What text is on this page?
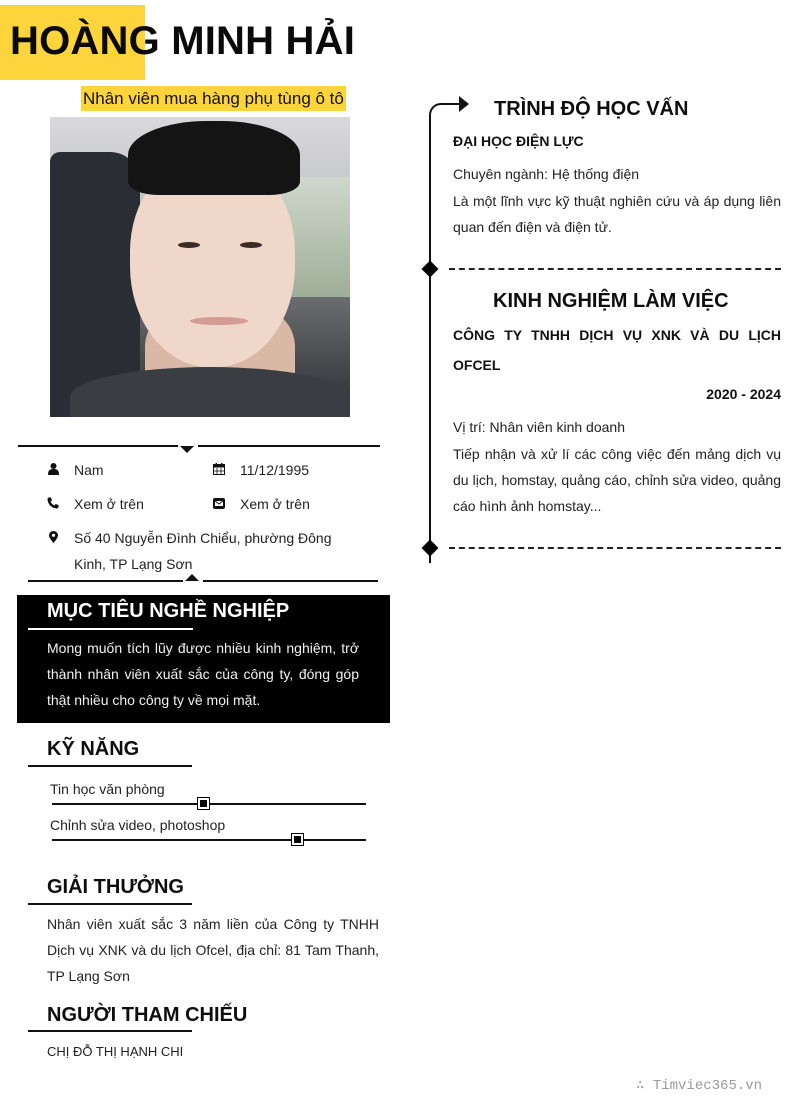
HOÀNG MINH HẢI
Nhân viên mua hàng phụ tùng ô tô
Nam	11/12/1995
Xem ở trên	Xem ở trên
Số 40 Nguyễn Đình Chiểu, phường Đông
Kinh, TP Lạng Sơn
MỤC TIÊU NGHỀ NGHIỆP

Mong muốn tích lũy được nhiều kinh nghiệm, trở thành nhân viên xuất sắc của công ty, đóng góp thật nhiều cho công ty về mọi mặt.

KỸ NĂNG
Tin học văn phòng
Chỉnh sửa video, photoshop
GIẢI THƯỞNG
Nhân viên xuất sắc 3 năm liền của Công ty TNHH Dịch vụ XNK và du lịch Ofcel, địa chỉ: 81 Tam Thanh, TP Lạng Sơn
NGƯỜI THAM CHIẾU
CHỊ ĐỖ THỊ HẠNH CHI
TRÌNH ĐỘ HỌC VẤN
ĐẠI HỌC ĐIỆN LỰC
Chuyên ngành: Hệ thống điện
Là một lĩnh vực kỹ thuật nghiên cứu và áp dụng liên quan đến điện và điện tử.
KINH NGHIỆM LÀM VIỆC
CÔNG TY TNHH DỊCH VỤ XNK VÀ DU LỊCH OFCEL
2020 - 2024
Vị trí: Nhân viên kinh doanh
Tiếp nhận và xử lí các công việc đến mảng dịch vụ du lịch, homstay, quảng cáo, chỉnh sửa video, quảng cáo hình ảnh homstay...
∴ Timviec365.vn
